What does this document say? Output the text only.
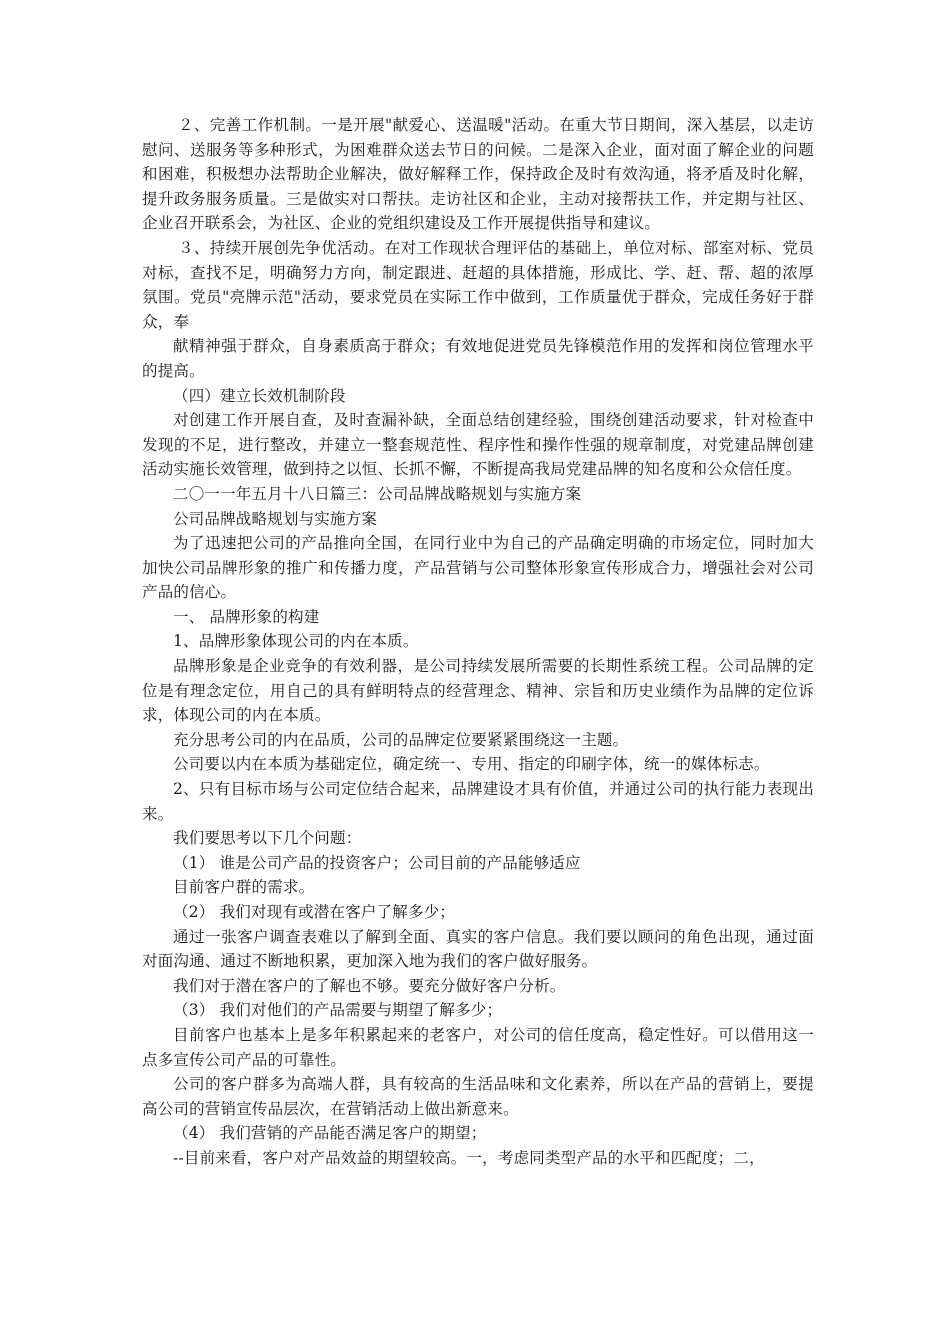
２、完善工作机制。一是开展"献爱心、送温暖"活动。在重大节日期间，深入基层，以走访慰问、送服务等多种形式，为困难群众送去节日的问候。二是深入企业，面对面了解企业的问题和困难，积极想办法帮助企业解决，做好解释工作，保持政企及时有效沟通，将矛盾及时化解，提升政务服务质量。三是做实对口帮扶。走访社区和企业，主动对接帮扶工作，并定期与社区、企业召开联系会，为社区、企业的党组织建设及工作开展提供指导和建议。

３、持续开展创先争优活动。在对工作现状合理评估的基础上，单位对标、部室对标、党员对标，查找不足，明确努力方向，制定跟进、赶超的具体措施，形成比、学、赶、帮、超的浓厚氛围。党员"亮牌示范"活动，要求党员在实际工作中做到，工作质量优于群众，完成任务好于群众，奉

献精神强于群众，自身素质高于群众；有效地促进党员先锋模范作用的发挥和岗位管理水平的提高。

（四）建立长效机制阶段

对创建工作开展自查，及时查漏补缺，全面总结创建经验，围绕创建活动要求，针对检查中发现的不足，进行整改，并建立一整套规范性、程序性和操作性强的规章制度，对党建品牌创建活动实施长效管理，做到持之以恒、长抓不懈，不断提高我局党建品牌的知名度和公众信任度。

二〇一一年五月十八日篇三：公司品牌战略规划与实施方案

公司品牌战略规划与实施方案

为了迅速把公司的产品推向全国，在同行业中为自己的产品确定明确的市场定位，同时加大加快公司品牌形象的推广和传播力度，产品营销与公司整体形象宣传形成合力，增强社会对公司产品的信心。

一、 品牌形象的构建

1、品牌形象体现公司的内在本质。

品牌形象是企业竞争的有效利器，是公司持续发展所需要的长期性系统工程。公司品牌的定位是有理念定位，用自己的具有鲜明特点的经营理念、精神、宗旨和历史业绩作为品牌的定位诉求，体现公司的内在本质。

充分思考公司的内在品质，公司的品牌定位要紧紧围绕这一主题。

公司要以内在本质为基础定位，确定统一、专用、指定的印刷字体，统一的媒体标志。

2、只有目标市场与公司定位结合起来，品牌建设才具有价值，并通过公司的执行能力表现出来。

我们要思考以下几个问题：

（1） 谁是公司产品的投资客户；公司目前的产品能够适应

目前客户群的需求。

（2） 我们对现有或潜在客户了解多少；

通过一张客户调查表难以了解到全面、真实的客户信息。我们要以顾问的角色出现，通过面对面沟通、通过不断地积累，更加深入地为我们的客户做好服务。

我们对于潜在客户的了解也不够。要充分做好客户分析。

（3） 我们对他们的产品需要与期望了解多少；

目前客户也基本上是多年积累起来的老客户，对公司的信任度高，稳定性好。可以借用这一点多宣传公司产品的可靠性。

公司的客户群多为高端人群，具有较高的生活品味和文化素养，所以在产品的营销上，要提高公司的营销宣传品层次，在营销活动上做出新意来。

（4） 我们营销的产品能否满足客户的期望；

--目前来看，客户对产品效益的期望较高。一，考虑同类型产品的水平和匹配度；二，
